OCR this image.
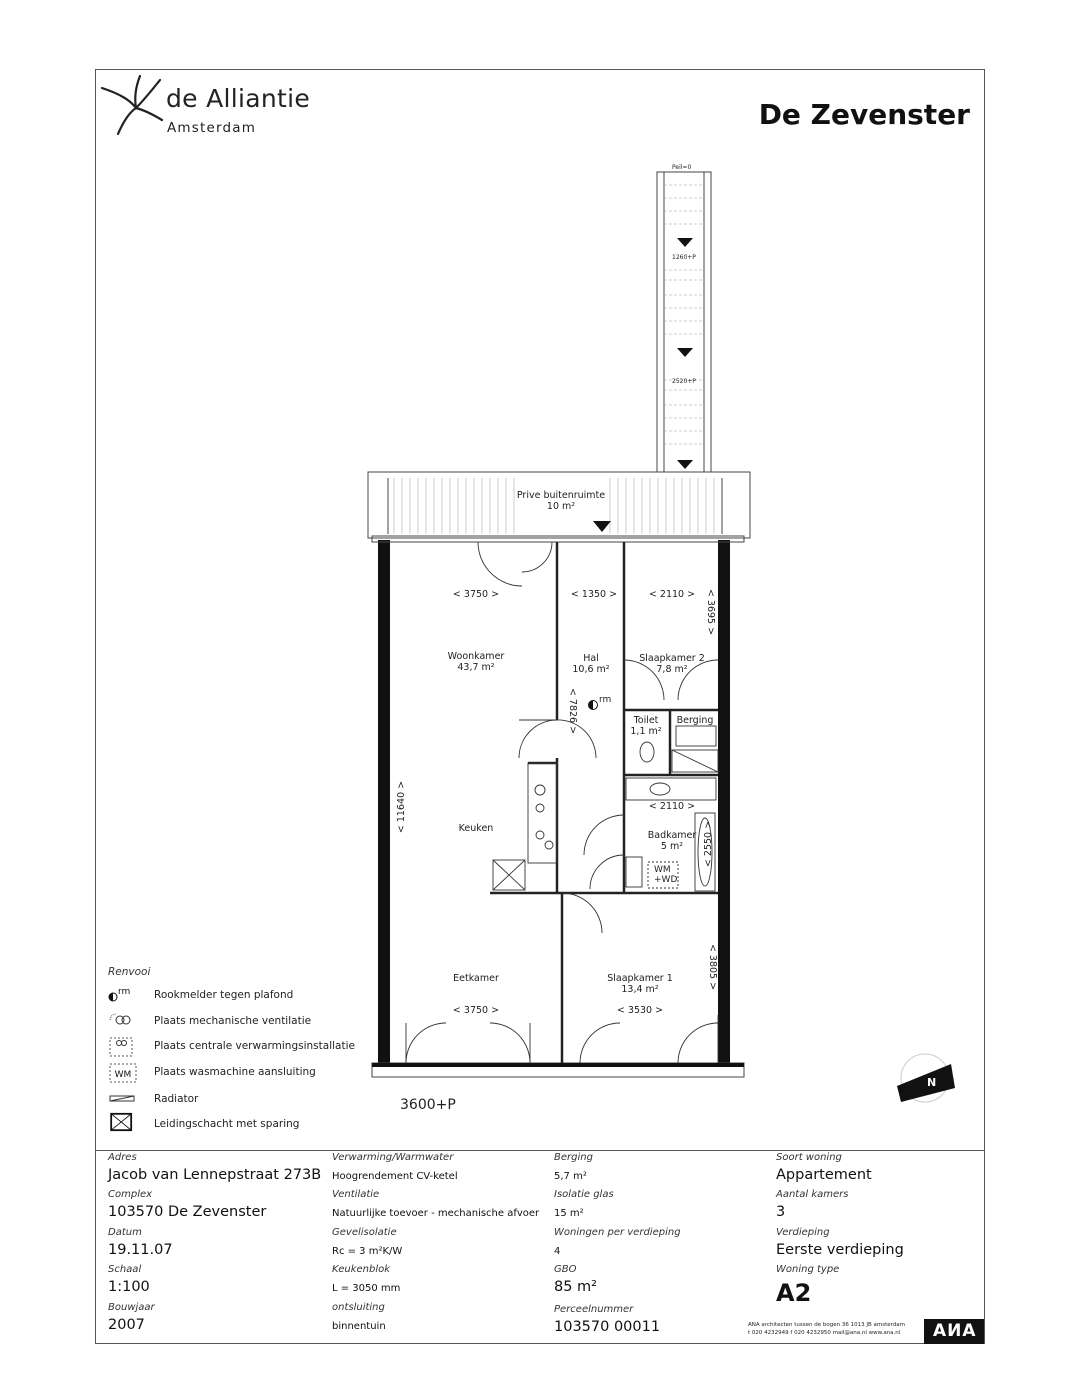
de Alliantie
Amsterdam	De Zevenster
Peil=0
1260+P
2520+P
Prive buitenruimte
10 m²
Woonkamer
43,7 m²
Hal
10,6 m²
Slaapkamer 2
7,8 m²
Toilet
1,1 m²
Berging
Keuken
Badkamer
5 m²
Eetkamer	Slaapkamer 1
13,4 m²
< 3750 >	< 1350 >	< 2110 > < 3695 >
< 7826 >
< 11640 >	< 2110 >
< 2550 >
< 3750 >	< 3530 >
< 3805 >
WM
+WD
rm
N
Renvooi
rm Rookmelder tegen plafond
Plaats mechanische ventilatie
Plaats centrale verwarmingsinstallatie
WM Plaats wasmachine aansluiting
Radiator
Leidingschacht met sparing
3600+P
Adres
Jacob van Lennepstraat 273B
Complex
103570 De Zevenster
Datum
19.11.07
Schaal
1:100
Bouwjaar
2007
Verwarming/Warmwater
Hoogrendement CV-ketel
Ventilatie
Natuurlijke toevoer - mechanische afvoer
Gevelisolatie
Rc = 3 m²K/W
Keukenblok
L = 3050 mm
ontsluiting
binnentuin
Berging
5,7 m²
Isolatie glas
15 m²
Woningen per verdieping
4
GBO
85 m²
Perceelnummer
103570 00011
Soort woning
Appartement
Aantal kamers
3
Verdieping
Eerste verdieping
Woning type
A2
ANA architecten tussen de bogen 36 1013 JB amsterdam
t 020 4232949 f 020 4232950 mail@ana.nl www.ana.nl	ANA
